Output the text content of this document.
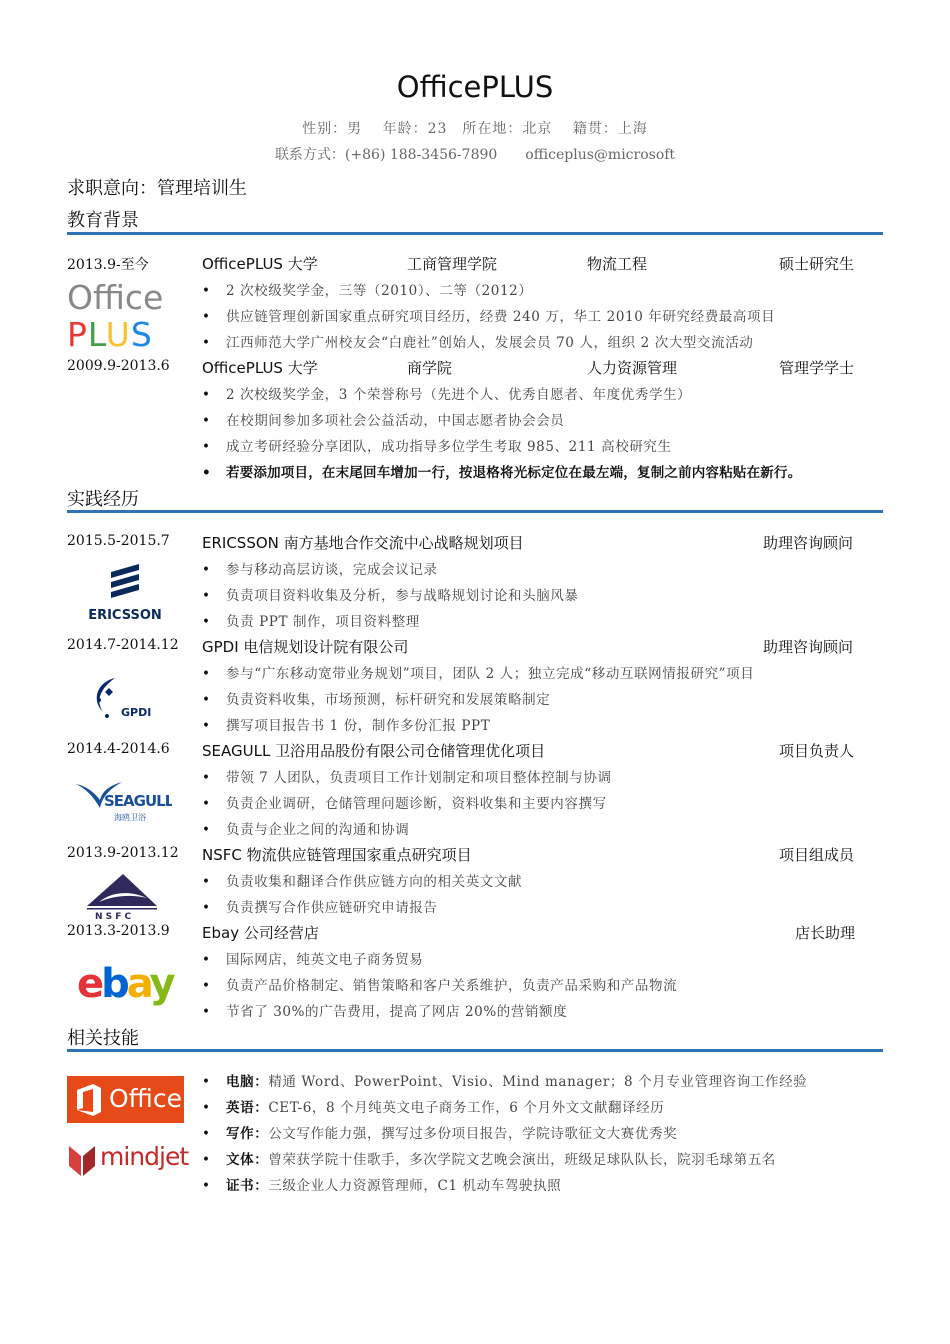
OfficePLUS
性别：男　 年龄：23　所在地：北京　 籍贯：上海
联系方式：(+86) 188-3456-7890　　officeplus@microsoft
求职意向：管理培训生
教育背景
2013.9-至今	OfficePLUS 大学	工商管理学院	物流工程	硕士研究生
• 2 次校级奖学金，三等（2010）、二等（2012）
• 供应链管理创新国家重点研究项目经历，经费 240 万，华工 2010 年研究经费最高项目
• 江西师范大学广州校友会“白鹿社”创始人，发展会员 70 人，组织 2 次大型交流活动
Office
PLUS
2009.9-2013.6 OfficePLUS 大学	商学院	人力资源管理	管理学学士
• 2 次校级奖学金，3 个荣誉称号（先进个人、优秀自愿者、年度优秀学生）
• 在校期间参加多项社会公益活动，中国志愿者协会会员
• 成立考研经验分享团队，成功指导多位学生考取 985、211 高校研究生
• 若要添加项目，在末尾回车增加一行，按退格将光标定位在最左端，复制之前内容粘贴在新行。
实践经历
2015.5-2015.7 ERICSSON 南方基地合作交流中心战略规划项目	助理咨询顾问
• 参与移动高层访谈，完成会议记录
• 负责项目资料收集及分析，参与战略规划讨论和头脑风暴
• 负责 PPT 制作，项目资料整理
ERICSSON
2014.7-2014.12 GPDI 电信规划设计院有限公司	助理咨询顾问
• 参与“广东移动宽带业务规划”项目，团队 2 人；独立完成“移动互联网情报研究”项目
• 负责资料收集，市场预测，标杆研究和发展策略制定
• 撰写项目报告书 1 份，制作多份汇报 PPT
GPDI
2014.4-2014.6 SEAGULL 卫浴用品股份有限公司仓储管理优化项目	项目负责人
• 带领 7 人团队，负责项目工作计划制定和项目整体控制与协调
• 负责企业调研，仓储管理问题诊断，资料收集和主要内容撰写
• 负责与企业之间的沟通和协调
SEAGULL
海鸥卫浴
2013.9-2013.12 NSFC 物流供应链管理国家重点研究项目	项目组成员
• 负责收集和翻译合作供应链方向的相关英文文献
• 负责撰写合作供应链研究申请报告
N S F C
2013.3-2013.9 Ebay 公司经营店	店长助理
• 国际网店，纯英文电子商务贸易
• 负责产品价格制定、销售策略和客户关系维护，负责产品采购和产品物流
• 节省了 30%的广告费用，提高了网店 20%的营销额度
ebay
相关技能
• 电脑：精通 Word、PowerPoint、Visio、Mind manager；8 个月专业管理咨询工作经验
• 英语：CET-6，8 个月纯英文电子商务工作，6 个月外文文献翻译经历
• 写作：公文写作能力强，撰写过多份项目报告，学院诗歌征文大赛优秀奖
• 文体：曾荣获学院十佳歌手，多次学院文艺晚会演出，班级足球队队长，院羽毛球第五名
• 证书：三级企业人力资源管理师，C1 机动车驾驶执照
Office
mindjet
